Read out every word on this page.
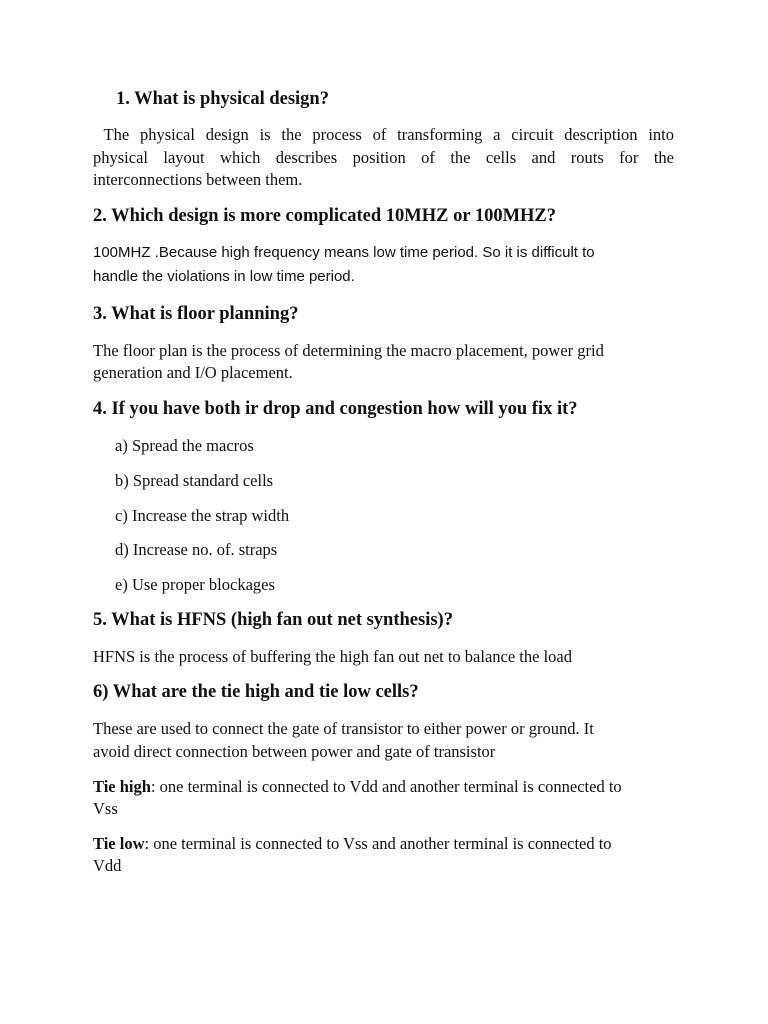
1. What is physical design?
The physical design is the process of transforming a circuit description into
physical layout which describes position of the cells and routs for the
interconnections between them.
2. Which design is more complicated 10MHZ or 100MHZ?
100MHZ .Because high frequency means low time period. So it is difficult to
handle the violations in low time period.
3. What is floor planning?
The floor plan is the process of determining the macro placement, power grid
generation and I/O placement.
4. If you have both ir drop and congestion how will you fix it?
a) Spread the macros
b) Spread standard cells
c) Increase the strap width
d) Increase no. of. straps
e) Use proper blockages
5. What is HFNS (high fan out net synthesis)?
HFNS is the process of buffering the high fan out net to balance the load
6) What are the tie high and tie low cells?
These are used to connect the gate of transistor to either power or ground. It
avoid direct connection between power and gate of transistor
Tie high: one terminal is connected to Vdd and another terminal is connected to
Vss
Tie low: one terminal is connected to Vss and another terminal is connected to
Vdd
